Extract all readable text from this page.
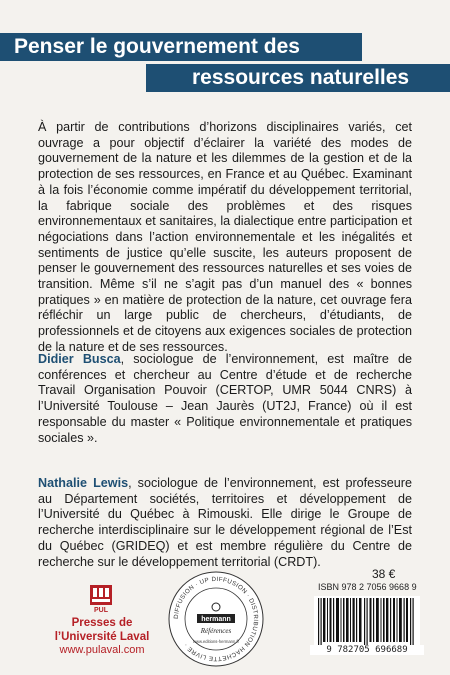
Penser le gouvernement des
ressources naturelles

À partir de contributions d’horizons disciplinaires variés, cet ouvrage a pour objectif d’éclairer la variété des modes de gouvernement de la nature et les dilemmes de la gestion et de la protection de ses ressources, en France et au Québec. Examinant à la fois l’économie comme impératif du développement territorial, la fabrique sociale des problèmes et des risques environnementaux et sanitaires, la dialectique entre participation et négociations dans l’action environnementale et les inégalités et sentiments de justice qu’elle suscite, les auteurs proposent de penser le gouvernement des ressources naturelles et ses voies de transition. Même s’il ne s’agit pas d’un manuel des « bonnes pratiques » en matière de protection de la nature, cet ouvrage fera réfléchir un large public de chercheurs, d’étudiants, de professionnels et de citoyens aux exigences sociales de protection de la nature et de ses ressources.

Didier Busca, sociologue de l’environnement, est maître de conférences et chercheur au Centre d’étude et de recherche Travail Organisation Pouvoir (CERTOP, UMR 5044 CNRS) à l’Université Toulouse – Jean Jaurès (UT2J, France) où il est responsable du master « Politique environnementale et pratiques sociales ».

Nathalie Lewis, sociologue de l’environnement, est professeure au Département sociétés, territoires et développement de l’Université du Québec à Rimouski. Elle dirige le Groupe de recherche interdisciplinaire sur le développement régional de l’Est du Québec (GRIDEQ) et est membre régulière du Centre de recherche sur le développement territorial (CRDT).

PUL
Presses de
l’Université Laval
www.pulaval.com
DIFFUSION · UP DIFFUSION · DISTRIBUTION HACHETTE LIVRE ·
hermann
Références
www.editions-hermann.fr
38 €
ISBN 978 2 7056 9668 9
9 782705 696689
